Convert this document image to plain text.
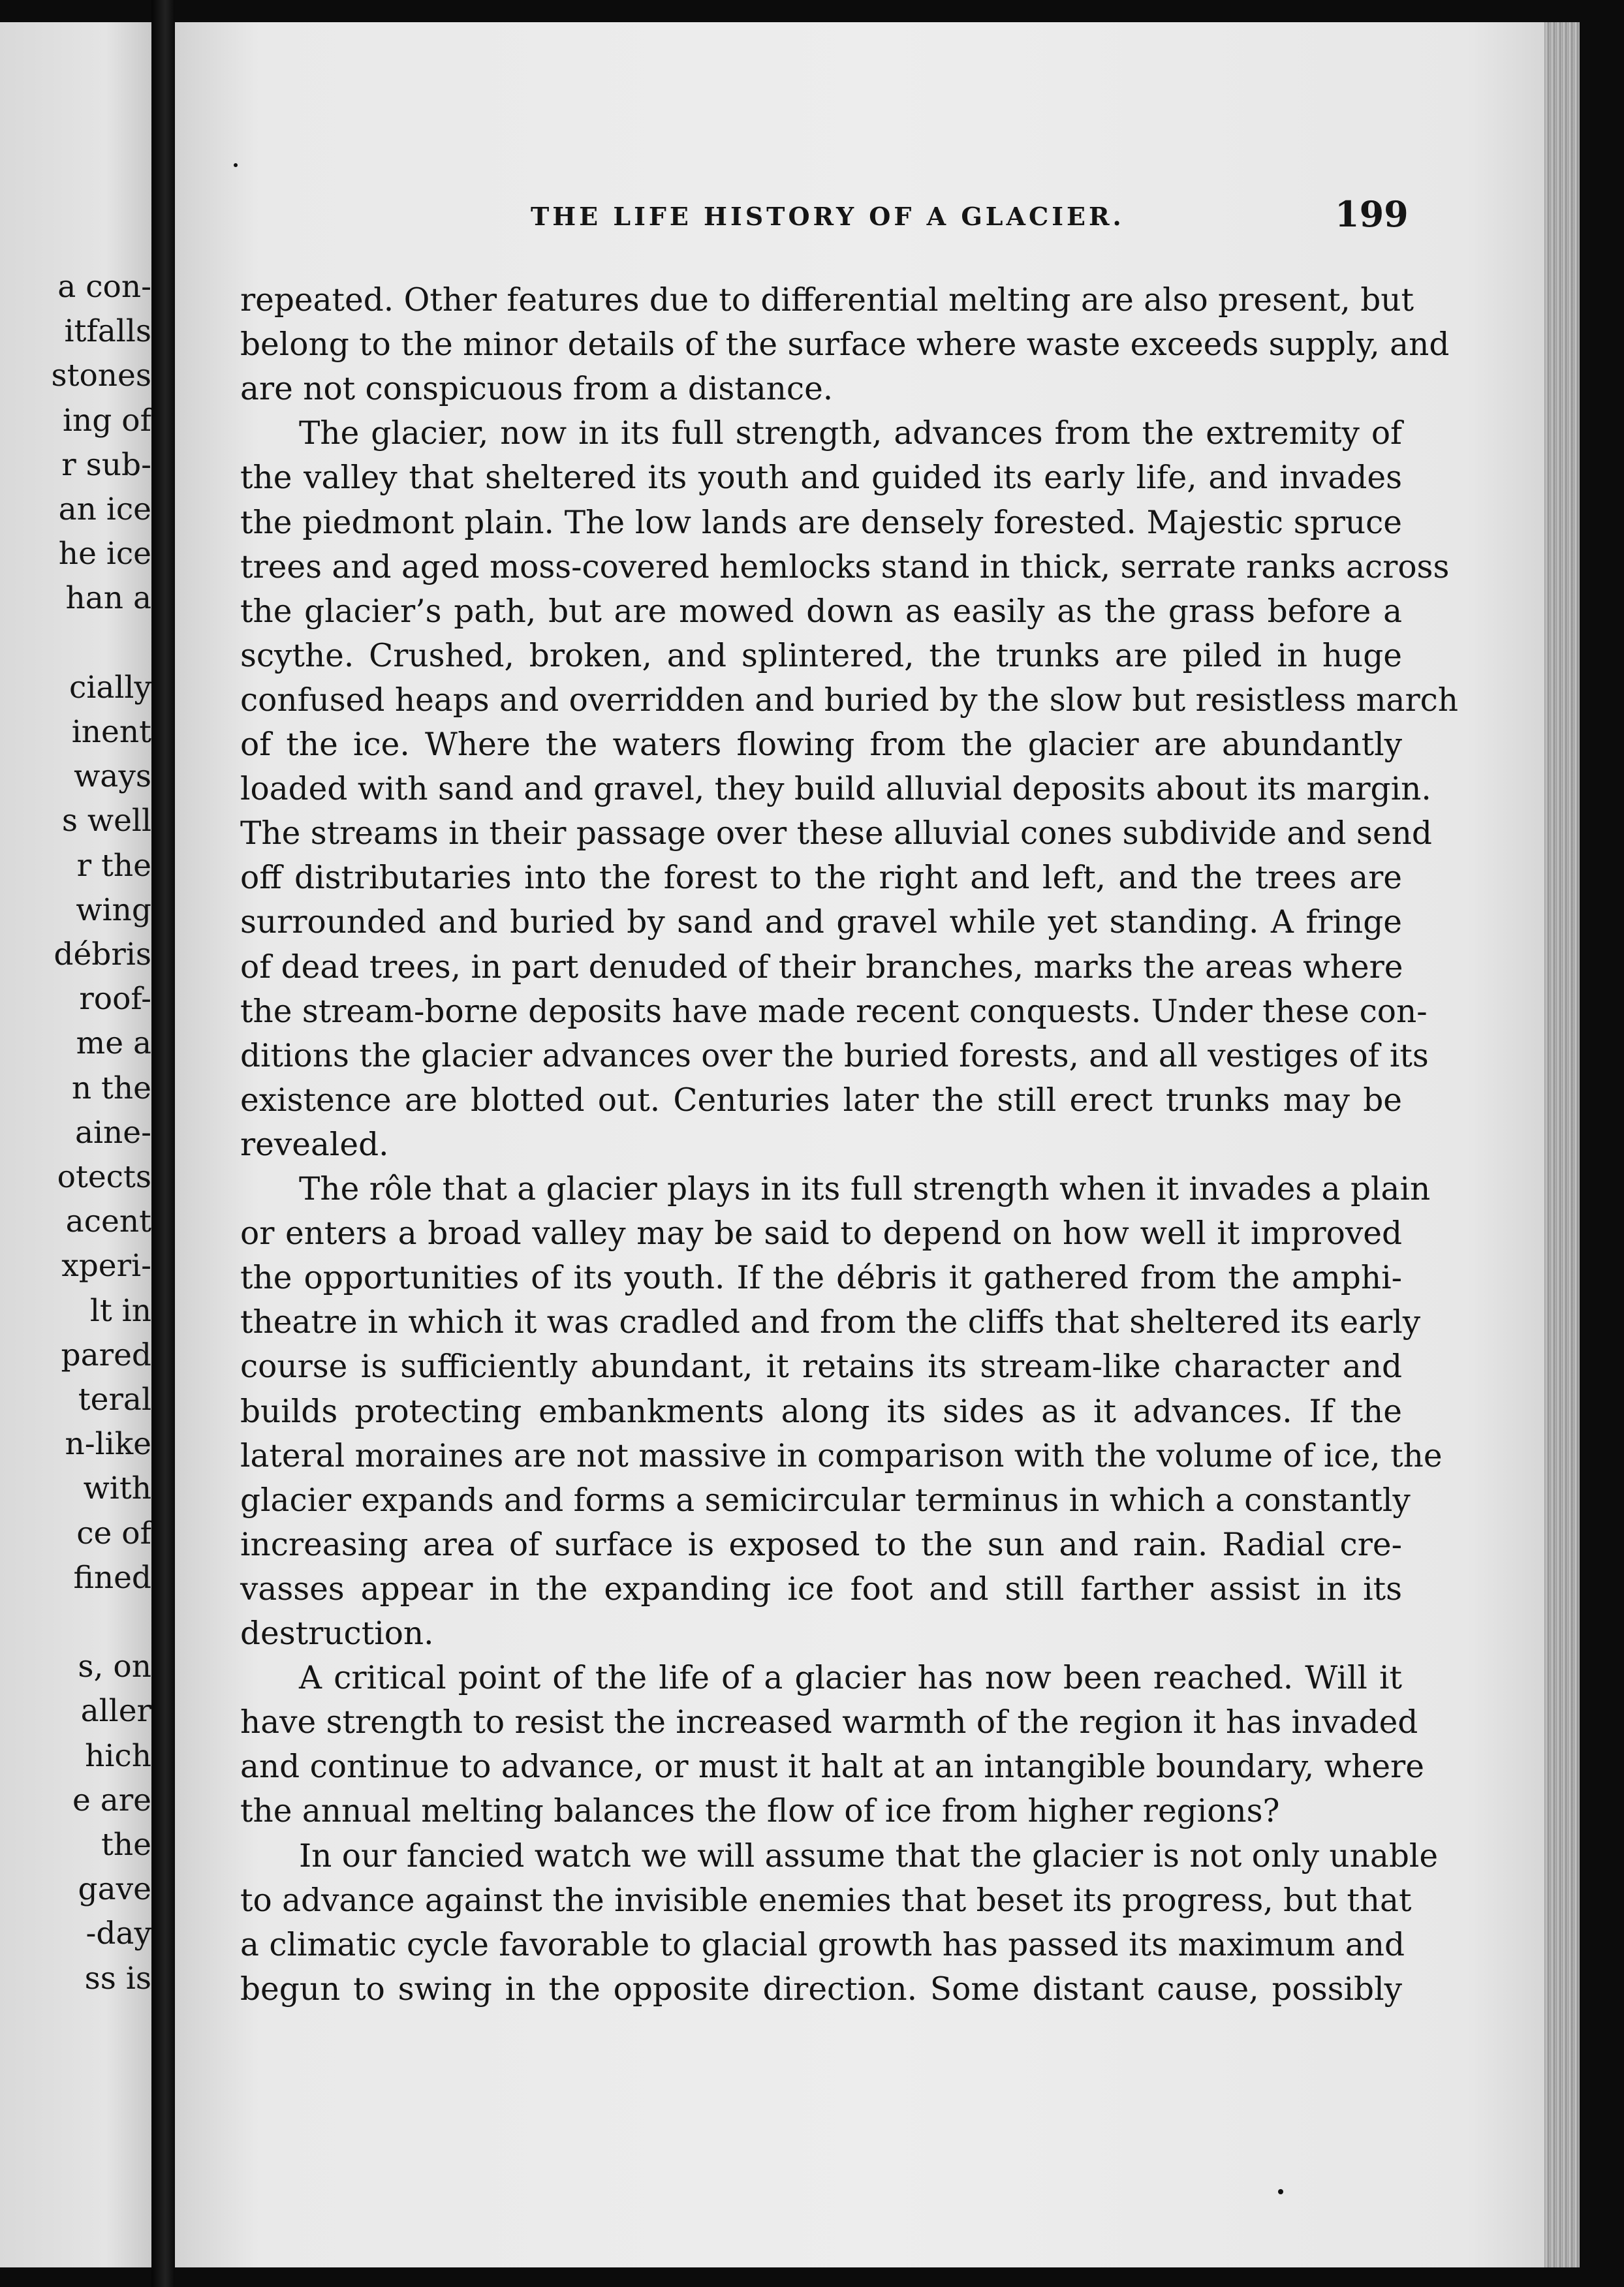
a con-
itfalls
stones
ing of
r sub-
an ice
he ice
han a
cially
inent
ways
s well
r the
wing
débris
roof-
me a
n the
aine-
otects
acent
xperi-
lt in
pared
teral
n-like
with
ce of
fined
s, on
aller
hich
e are
the
gave
-day
ss is
THE LIFE HISTORY OF A GLACIER.	199
repeated. Other features due to differential melting are also present, but
belong to the minor details of the surface where waste exceeds supply, and
are not conspicuous from a distance.
The glacier, now in its full strength, advances from the extremity of
the valley that sheltered its youth and guided its early life, and invades
the piedmont plain. The low lands are densely forested. Majestic spruce
trees and aged moss-covered hemlocks stand in thick, serrate ranks across
the glacier’s path, but are mowed down as easily as the grass before a
scythe. Crushed, broken, and splintered, the trunks are piled in huge
confused heaps and overridden and buried by the slow but resistless march
of the ice. Where the waters flowing from the glacier are abundantly
loaded with sand and gravel, they build alluvial deposits about its margin.
The streams in their passage over these alluvial cones subdivide and send
off distributaries into the forest to the right and left, and the trees are
surrounded and buried by sand and gravel while yet standing. A fringe
of dead trees, in part denuded of their branches, marks the areas where
the stream-borne deposits have made recent conquests. Under these con-
ditions the glacier advances over the buried forests, and all vestiges of its
existence are blotted out. Centuries later the still erect trunks may be
revealed.
The rôle that a glacier plays in its full strength when it invades a plain
or enters a broad valley may be said to depend on how well it improved
the opportunities of its youth. If the débris it gathered from the amphi-
theatre in which it was cradled and from the cliffs that sheltered its early
course is sufficiently abundant, it retains its stream-like character and
builds protecting embankments along its sides as it advances. If the
lateral moraines are not massive in comparison with the volume of ice, the
glacier expands and forms a semicircular terminus in which a constantly
increasing area of surface is exposed to the sun and rain. Radial cre-
vasses appear in the expanding ice foot and still farther assist in its
destruction.
A critical point of the life of a glacier has now been reached. Will it
have strength to resist the increased warmth of the region it has invaded
and continue to advance, or must it halt at an intangible boundary, where
the annual melting balances the flow of ice from higher regions?
In our fancied watch we will assume that the glacier is not only unable
to advance against the invisible enemies that beset its progress, but that
a climatic cycle favorable to glacial growth has passed its maximum and
begun to swing in the opposite direction. Some distant cause, possibly
